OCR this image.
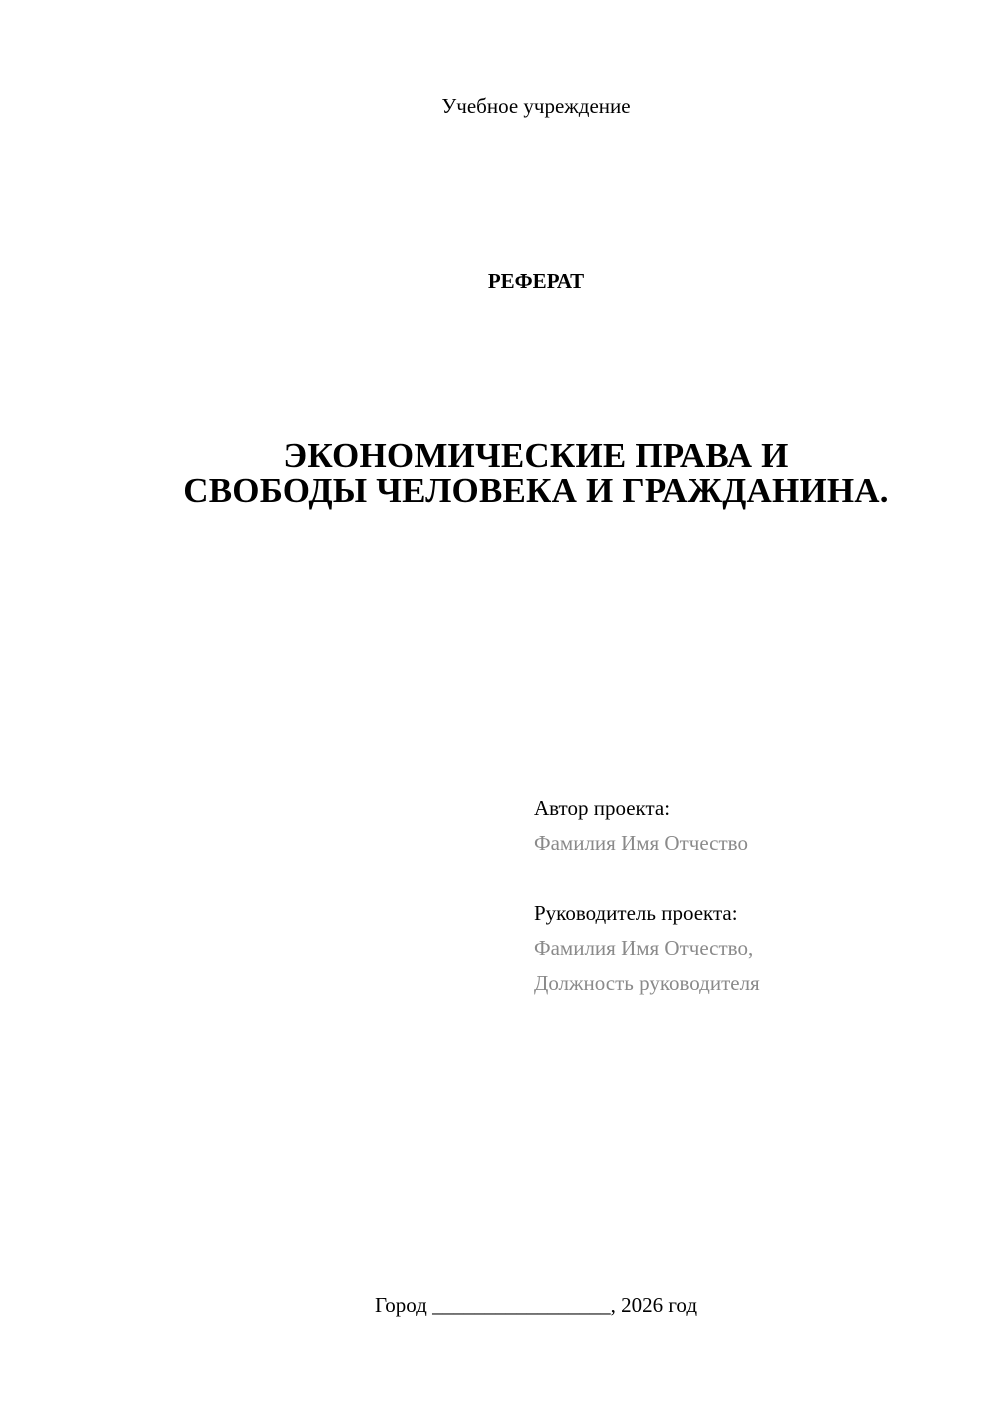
Учебное учреждение
РЕФЕРАТ
ЭКОНОМИЧЕСКИЕ ПРАВА И
СВОБОДЫ ЧЕЛОВЕКА И ГРАЖДАНИНА.
Автор проекта:
Фамилия Имя Отчество
Руководитель проекта:
Фамилия Имя Отчество,
Должность руководителя
Город _________________, 2026 год
